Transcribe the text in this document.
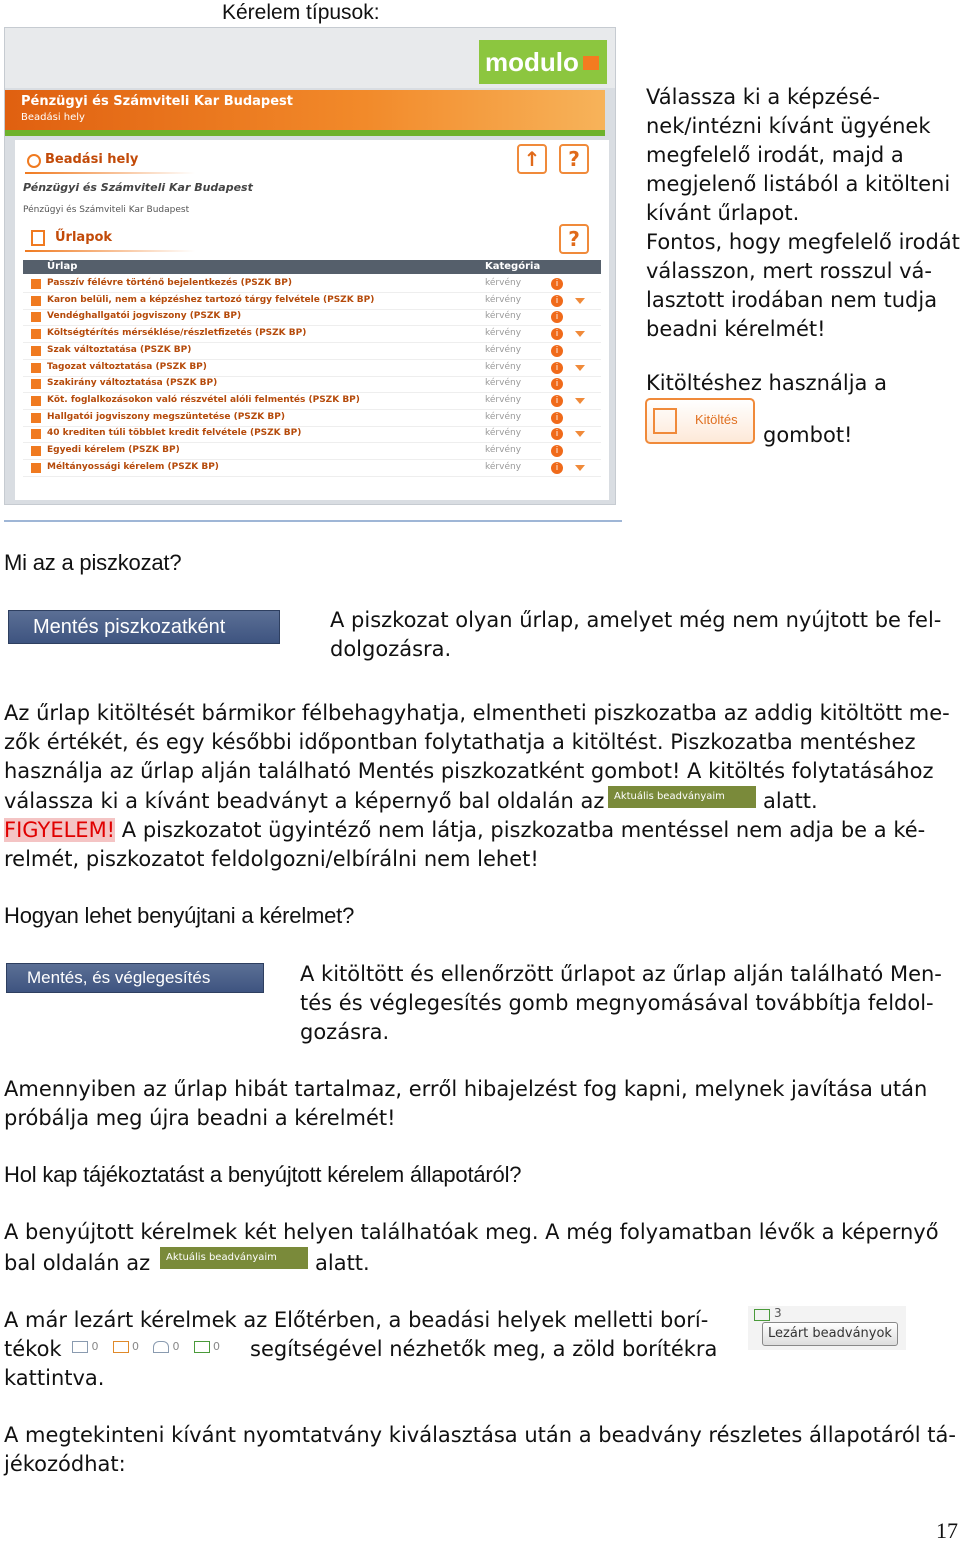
Kérelem típusok:
modulo
Pénzügyi és Számviteli Kar Budapest
Beadási hely
Beadási hely
Pénzügyi és Számviteli Kar Budapest
Pénzügyi és Számviteli Kar Budapest
↑	?
?
Űrlapok
Űrlap	Kategória
Passzív félévre történő bejelentkezés (PSZK BP)	kérvény	i
Karon belüli, nem a képzéshez tartozó tárgy felvétele (PSZK BP)	kérvény	i
Vendéghallgatói jogviszony (PSZK BP)	kérvény	i
Költségtérítés mérséklése/részletfizetés (PSZK BP)	kérvény	i
Szak változtatása (PSZK BP)	kérvény	i
Tagozat változtatása (PSZK BP)	kérvény	i
Szakirány változtatása (PSZK BP)	kérvény	i
Köt. foglalkozásokon való részvétel alóli felmentés (PSZK BP)	kérvény	i
Hallgatói jogviszony megszüntetése (PSZK BP)	kérvény	i
40 krediten túli többlet kredit felvétele (PSZK BP)	kérvény	i
Egyedi kérelem (PSZK BP)	kérvény	i
Méltányossági kérelem (PSZK BP)	kérvény	i
Válassza ki a képzésé-
nek/intézni kívánt ügyének
megfelelő irodát, majd a
megjelenő listából a kitölteni
kívánt űrlapot.
Fontos, hogy megfelelő irodát
válasszon, mert rosszul vá-
lasztott irodában nem tudja
beadni kérelmét!
Kitöltéshez használja a
Kitöltés
gombot!
Mi az a piszkozat?
Mentés piszkozatként	A piszkozat olyan űrlap, amelyet még nem nyújtott be fel-
dolgozásra.
Az űrlap kitöltését bármikor félbehagyhatja, elmentheti piszkozatba az addig kitöltött me-
zők értékét, és egy későbbi időpontban folytathatja a kitöltést. Piszkozatba mentéshez
használja az űrlap alján található Mentés piszkozatként gombot! A kitöltés folytatásához
válassza ki a kívánt beadványt a képernyő bal oldalán az Aktuális beadványaim	alatt.
FIGYELEM! A piszkozatot ügyintéző nem látja, piszkozatba mentéssel nem adja be a ké-
relmét, piszkozatot feldolgozni/elbírálni nem lehet!
Hogyan lehet benyújtani a kérelmet?
Mentés, és véglegesítés	A kitöltött és ellenőrzött űrlapot az űrlap alján található Men-
tés és véglegesítés gomb megnyomásával továbbítja feldol-
gozásra.
Amennyiben az űrlap hibát tartalmaz, erről hibajelzést fog kapni, melynek javítása után
próbálja meg újra beadni a kérelmét!
Hol kap tájékoztatást a benyújtott kérelem állapotáról?
A benyújtott kérelmek két helyen találhatóak meg. A még folyamatban lévők a képernyő
bal oldalán az	Aktuális beadványaim	alatt.
A már lezárt kérelmek az Előtérben, a beadási helyek melletti borí-
tékok	0	0	0	0 segítségével nézhetők meg, a zöld borítékra
kattintva.
3
Lezárt beadványok
A megtekinteni kívánt nyomtatvány kiválasztása után a beadvány részletes állapotáról tá-
jékozódhat:
17
